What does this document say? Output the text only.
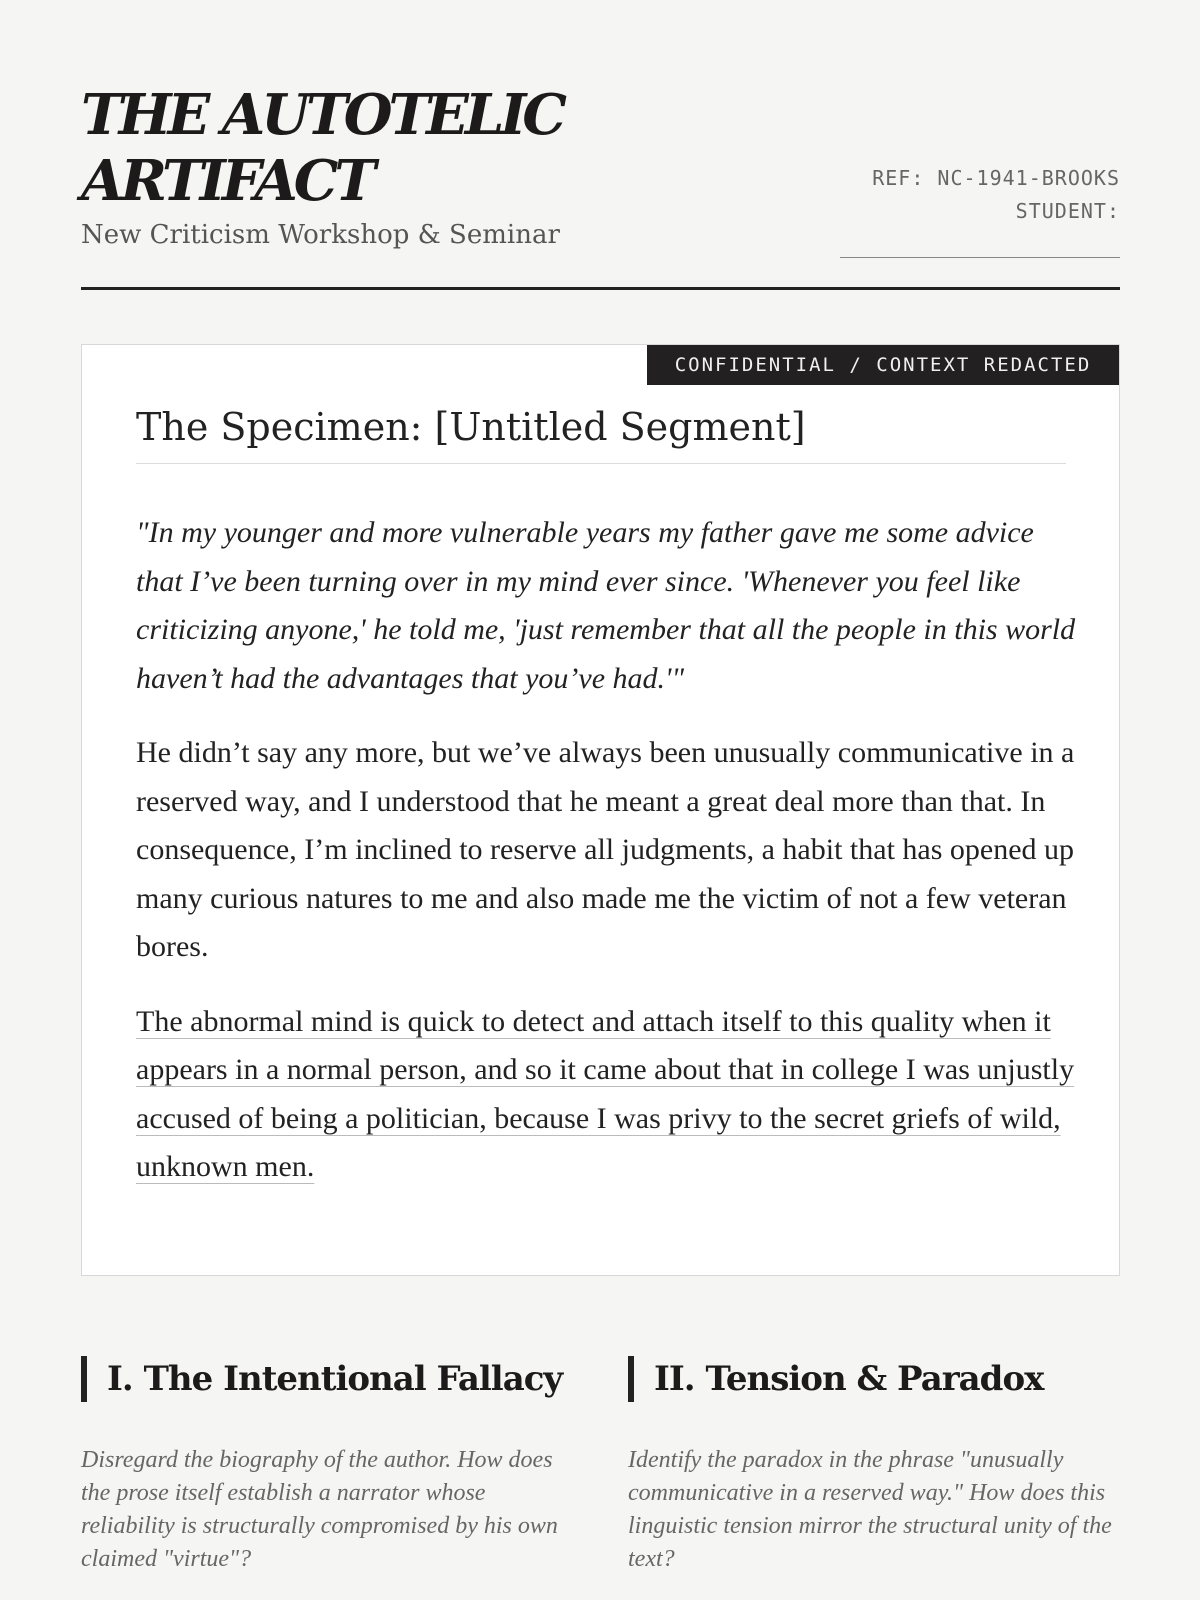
THE AUTOTELIC ARTIFACT
New Criticism Workshop & Seminar
REF: NC-1941-BROOKS
STUDENT:
CONFIDENTIAL / CONTEXT REDACTED
The Specimen: [Untitled Segment]

"In my younger and more vulnerable years my father gave me some advice that I’ve been turning over in my mind ever since. 'Whenever you feel like criticizing anyone,' he told me, 'just remember that all the people in this world haven’t had the advantages that you’ve had.'"

He didn’t say any more, but we’ve always been unusually communicative in a reserved way, and I understood that he meant a great deal more than that. In consequence, I’m inclined to reserve all judgments, a habit that has opened up many curious natures to me and also made me the victim of not a few veteran bores.

The abnormal mind is quick to detect and attach itself to this quality when it appears in a normal person, and so it came about that in college I was unjustly accused of being a politician, because I was privy to the secret griefs of wild, unknown men.

I. The Intentional Fallacy

Disregard the biography of the author. How does the prose itself establish a narrator whose reliability is structurally compromised by his own claimed "virtue"?

II. Tension & Paradox

Identify the paradox in the phrase "unusually communicative in a reserved way." How does this linguistic tension mirror the structural unity of the text?
